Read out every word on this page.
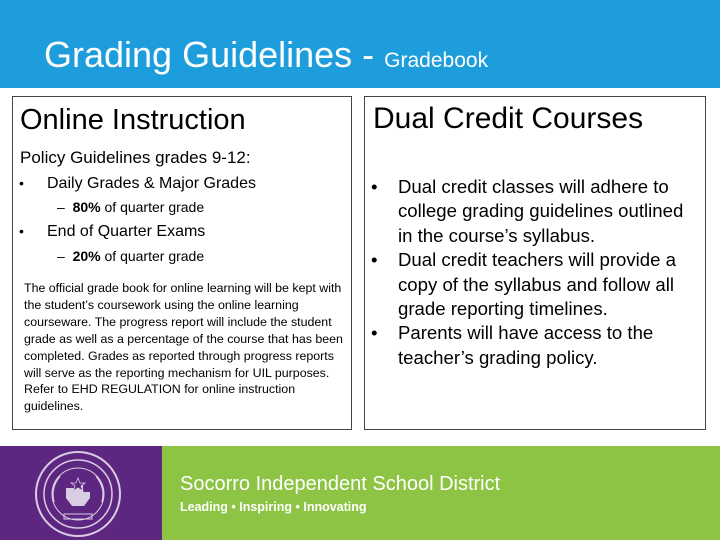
Grading Guidelines - Gradebook
Online Instruction
Policy Guidelines grades 9-12:
• Daily Grades & Major Grades
– 80% of quarter grade
• End of Quarter Exams
– 20% of quarter grade
The official grade book for online learning will be kept with the student’s coursework using the online learning courseware. The progress report will include the student grade as well as a percentage of the course that has been completed. Grades as reported through progress reports will serve as the reporting mechanism for UIL purposes. Refer to EHD REGULATION for online instruction guidelines.
Dual Credit Courses
• Dual credit classes will adhere to college grading guidelines outlined in the course’s syllabus.
• Dual credit teachers will provide a copy of the syllabus and follow all grade reporting timelines.
• Parents will have access to the teacher’s grading policy.
Socorro Independent School District
Leading • Inspiring • Innovating
